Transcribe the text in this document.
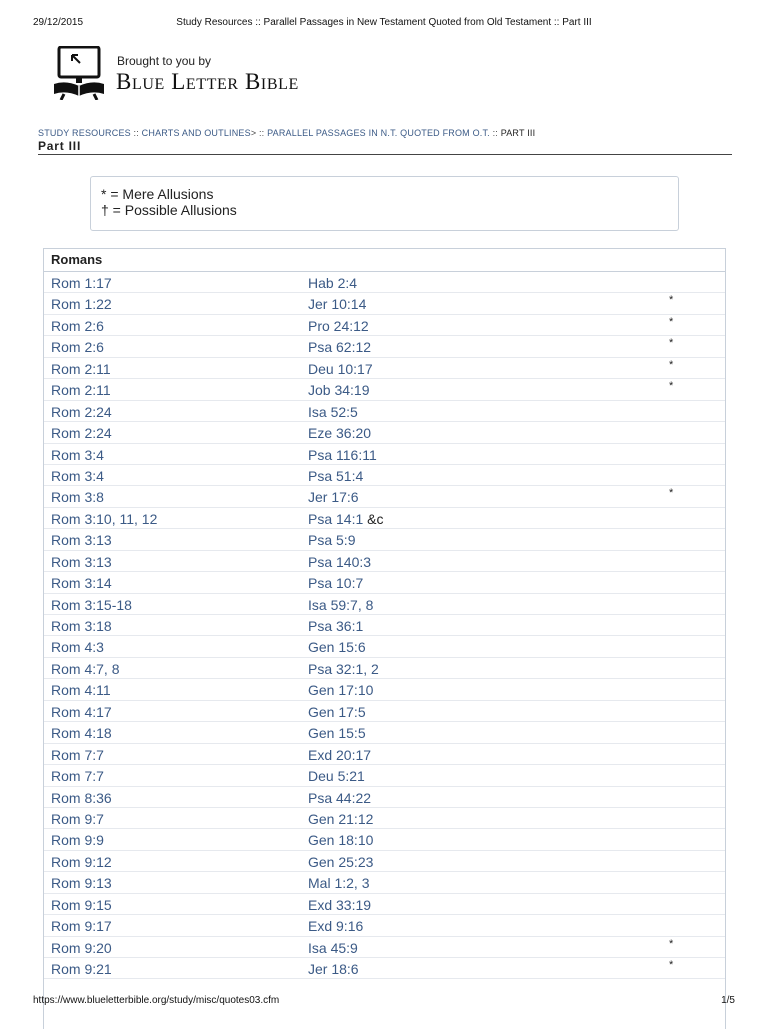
29/12/2015	Study Resources :: Parallel Passages in New Testament Quoted from Old Testament :: Part III
Brought to you by
Blue Letter Bible
STUDY RESOURCES :: CHARTS AND OUTLINES> :: PARALLEL PASSAGES IN N.T. QUOTED FROM O.T. :: PART III
Part III
* = Mere Allusions
† = Possible Allusions
Romans
Rom 1:17	Hab 2:4
Rom 1:22	Jer 10:14	*
Rom 2:6	Pro 24:12	*
Rom 2:6	Psa 62:12	*
Rom 2:11	Deu 10:17	*
Rom 2:11	Job 34:19	*
Rom 2:24	Isa 52:5
Rom 2:24	Eze 36:20
Rom 3:4	Psa 116:11
Rom 3:4	Psa 51:4
Rom 3:8	Jer 17:6	*
Rom 3:10, 11, 12	Psa 14:1 &c
Rom 3:13	Psa 5:9
Rom 3:13	Psa 140:3
Rom 3:14	Psa 10:7
Rom 3:15-18	Isa 59:7, 8
Rom 3:18	Psa 36:1
Rom 4:3	Gen 15:6
Rom 4:7, 8	Psa 32:1, 2
Rom 4:11	Gen 17:10
Rom 4:17	Gen 17:5
Rom 4:18	Gen 15:5
Rom 7:7	Exd 20:17
Rom 7:7	Deu 5:21
Rom 8:36	Psa 44:22
Rom 9:7	Gen 21:12
Rom 9:9	Gen 18:10
Rom 9:12	Gen 25:23
Rom 9:13	Mal 1:2, 3
Rom 9:15	Exd 33:19
Rom 9:17	Exd 9:16
Rom 9:20	Isa 45:9	*
Rom 9:21	Jer 18:6	*
https://www.blueletterbible.org/study/misc/quotes03.cfm	1/5
